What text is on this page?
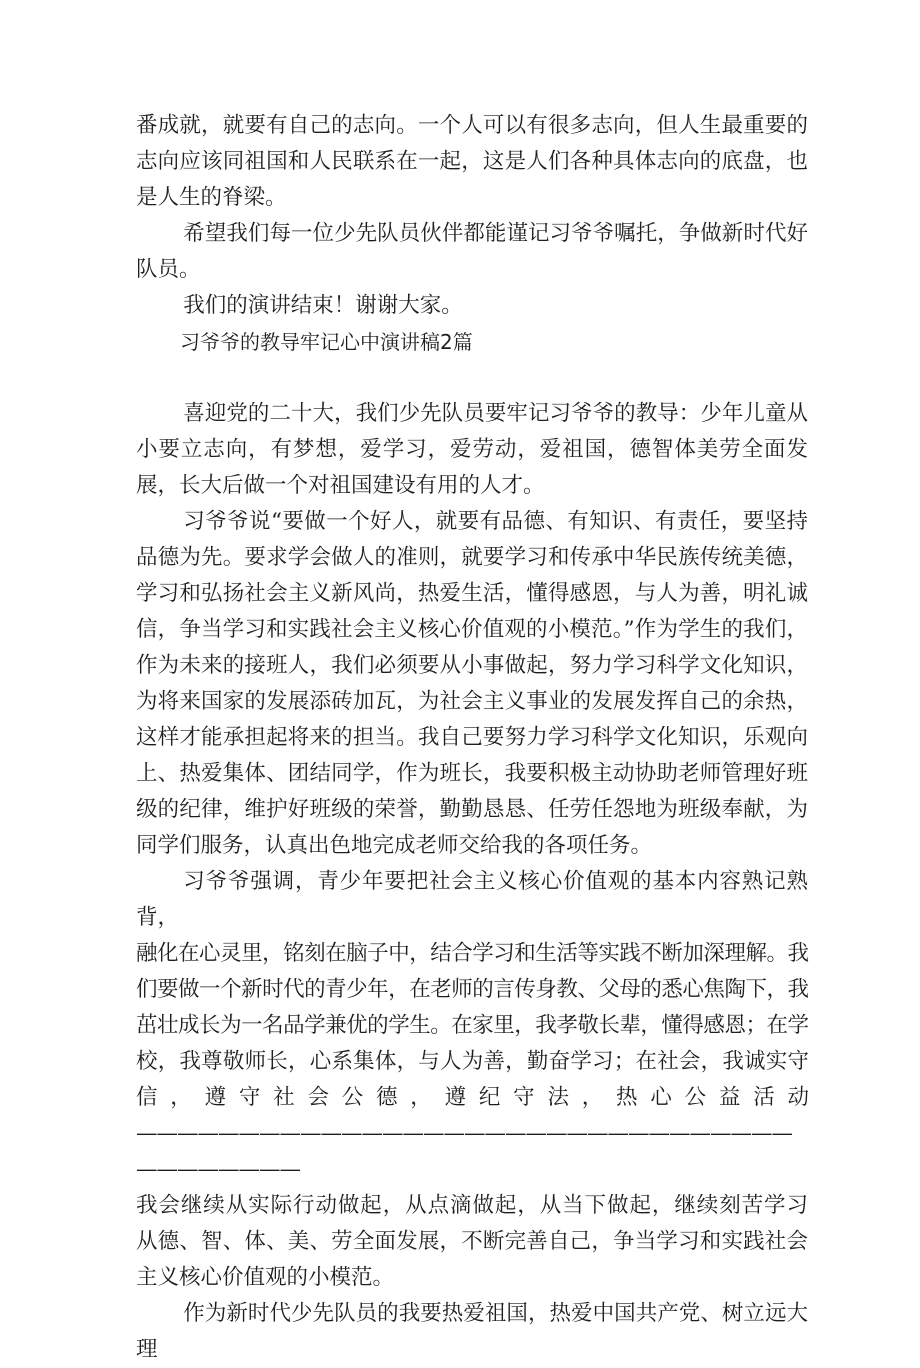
番成就，就要有自己的志向。一个人可以有很多志向，但人生最重要的志向应该同祖国和人民联系在一起，这是人们各种具体志向的底盘，也是人生的脊梁。

希望我们每一位少先队员伙伴都能谨记习爷爷嘱托，争做新时代好队员。

我们的演讲结束！谢谢大家。

习爷爷的教导牢记心中演讲稿2篇

喜迎党的二十大，我们少先队员要牢记习爷爷的教导：少年儿童从小要立志向，有梦想，爱学习，爱劳动，爱祖国，德智体美劳全面发展，长大后做一个对祖国建设有用的人才。

习爷爷说“要做一个好人，就要有品德、有知识、有责任，要坚持品德为先。要求学会做人的准则，就要学习和传承中华民族传统美德，学习和弘扬社会主义新风尚，热爱生活，懂得感恩，与人为善，明礼诚信，争当学习和实践社会主义核心价值观的小模范。”作为学生的我们，作为未来的接班人，我们必须要从小事做起，努力学习科学文化知识，为将来国家的发展添砖加瓦，为社会主义事业的发展发挥自己的余热，这样才能承担起将来的担当。我自己要努力学习科学文化知识，乐观向上、热爱集体、团结同学，作为班长，我要积极主动协助老师管理好班级的纪律，维护好班级的荣誉，勤勤恳恳、任劳任怨地为班级奉献，为同学们服务，认真出色地完成老师交给我的各项任务。

习爷爷强调，青少年要把社会主义核心价值观的基本内容熟记熟背，

融化在心灵里，铭刻在脑子中，结合学习和生活等实践不断加深理解。我们要做一个新时代的青少年，在老师的言传身教、父母的悉心焦陶下，我茁壮成长为一名品学兼优的学生。在家里，我孝敬长辈，懂得感恩；在学校，我尊敬师长，心系集体，与人为善，勤奋学习；在社会，我诚实守信，遵守社会公德，遵纪守法，热心公益活动 ————————————————————————————————————————

我会继续从实际行动做起，从点滴做起，从当下做起，继续刻苦学习 从德、智、体、美、劳全面发展，不断完善自己，争当学习和实践社会主义核心价值观的小模范。

作为新时代少先队员的我要热爱祖国，热爱中国共产党、树立远大理
